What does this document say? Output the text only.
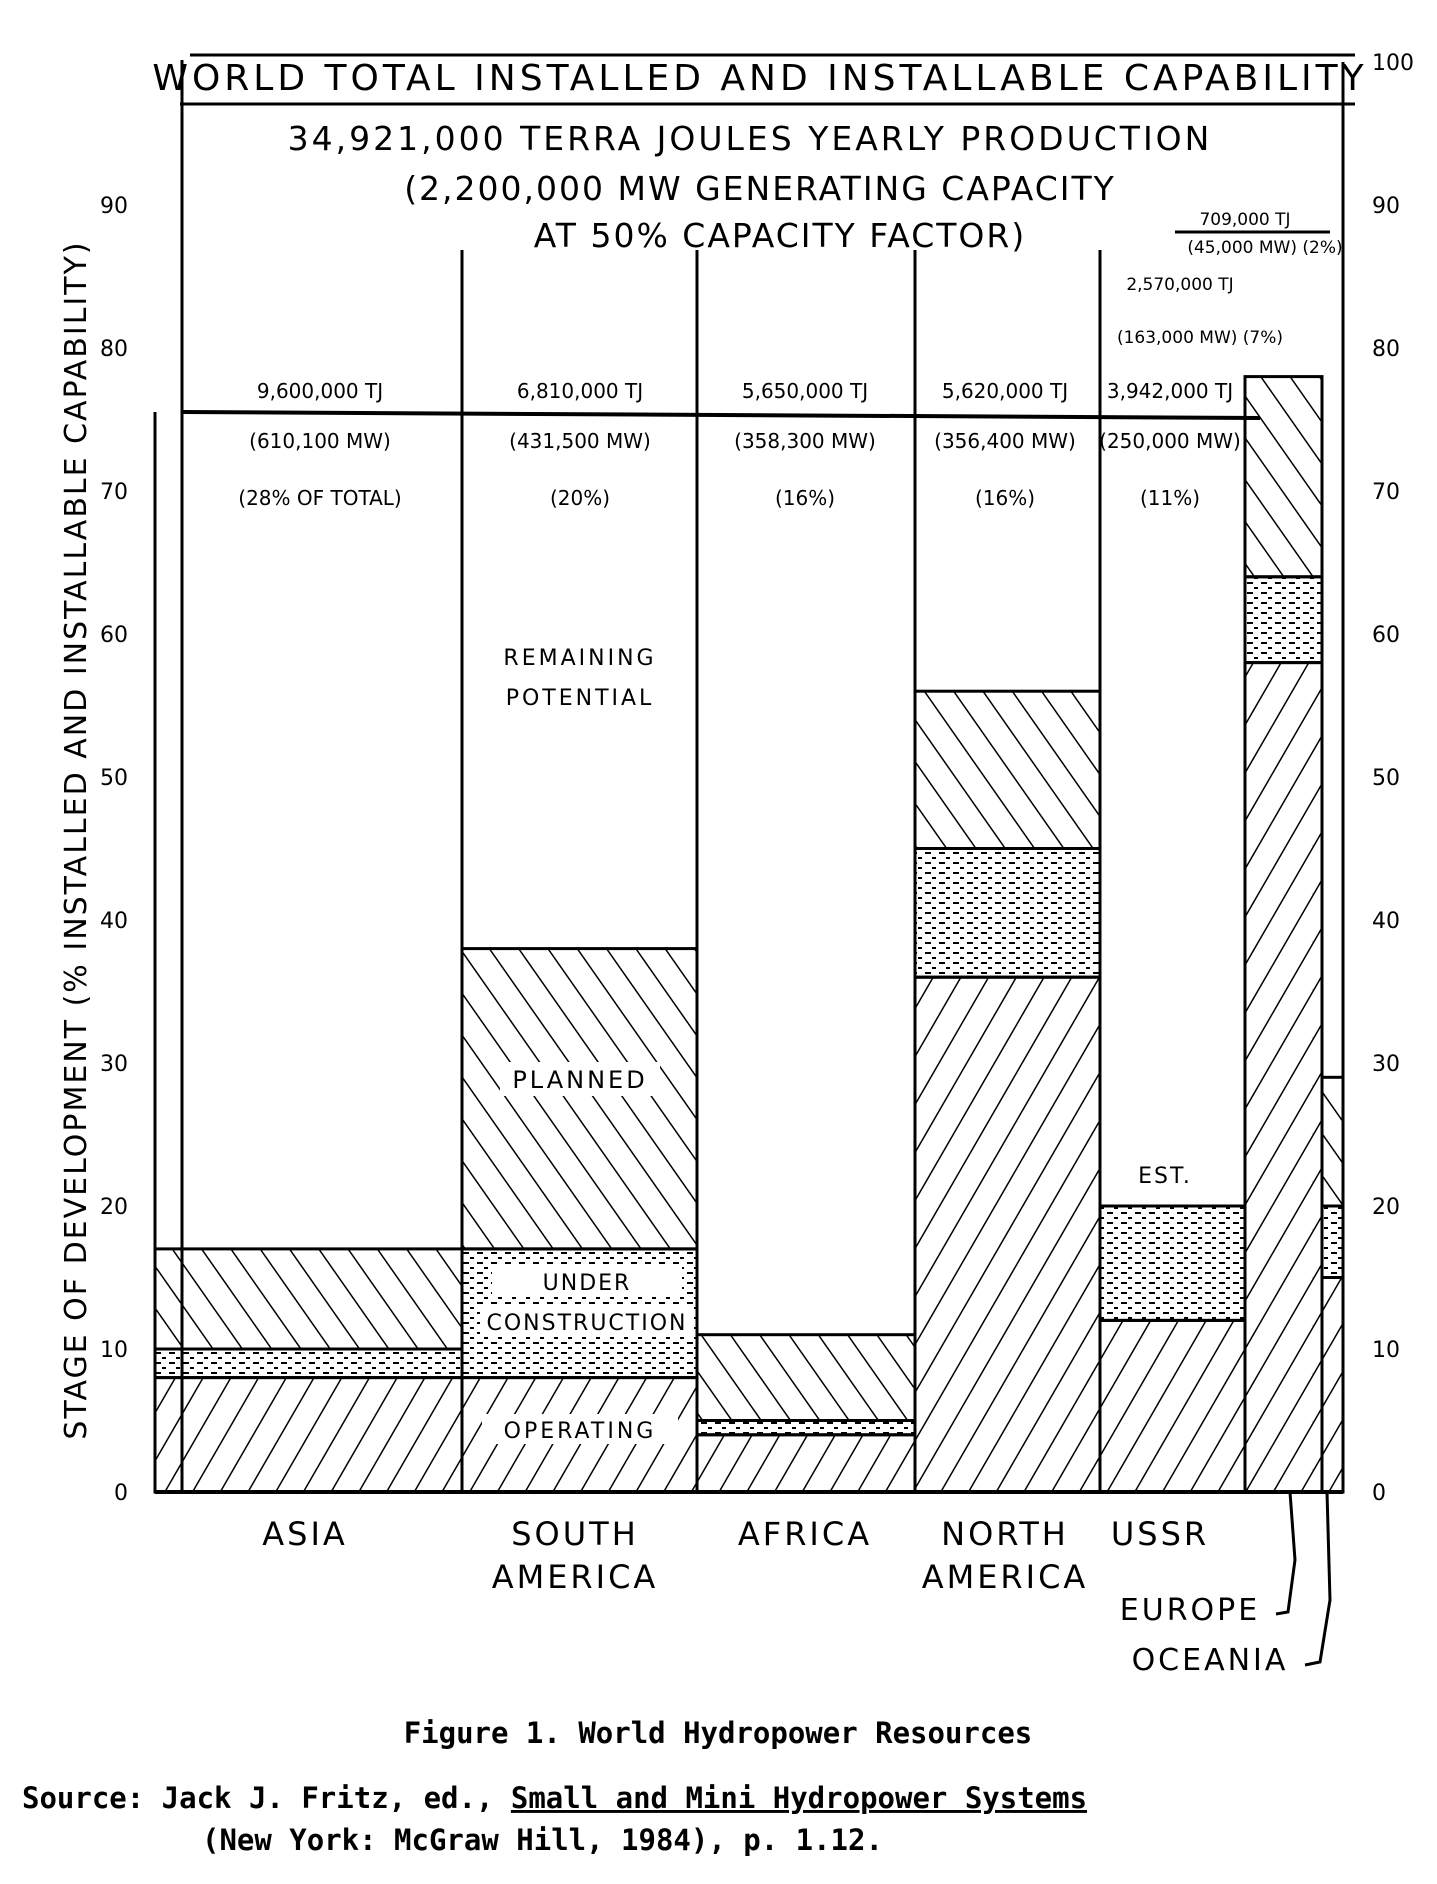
WORLD TOTAL INSTALLED AND INSTALLABLE CAPABILITY
34,921,000 TERRA JOULES YEARLY PRODUCTION
(2,200,000 MW GENERATING CAPACITY
AT 50% CAPACITY FACTOR)
STAGE OF DEVELOPMENT (% INSTALLED AND INSTALLABLE CAPABILITY)
0
10
20
30
40
50
60
70
80
90
0
10
20
30
40
50
60
70
80
90
100
9,600,000 TJ
(610,100 MW)
(28% OF TOTAL)
6,810,000 TJ
(431,500 MW)
(20%)
5,650,000 TJ
(358,300 MW)
(16%)
5,620,000 TJ
(356,400 MW)
(16%)
3,942,000 TJ
(250,000 MW)
(11%)
2,570,000 TJ
(163,000 MW) (7%)
709,000 TJ
(45,000 MW) (2%)
REMAINING
POTENTIAL
PLANNED
UNDER
CONSTRUCTION
OPERATING
EST.
ASIA	SOUTH
AMERICA
AFRICA NORTH
AMERICA
USSR
EUROPE
OCEANIA
Figure 1. World Hydropower Resources
Source: Jack J. Fritz, ed., Small and Mini Hydropower Systems
(New York: McGraw Hill, 1984), p. 1.12.
